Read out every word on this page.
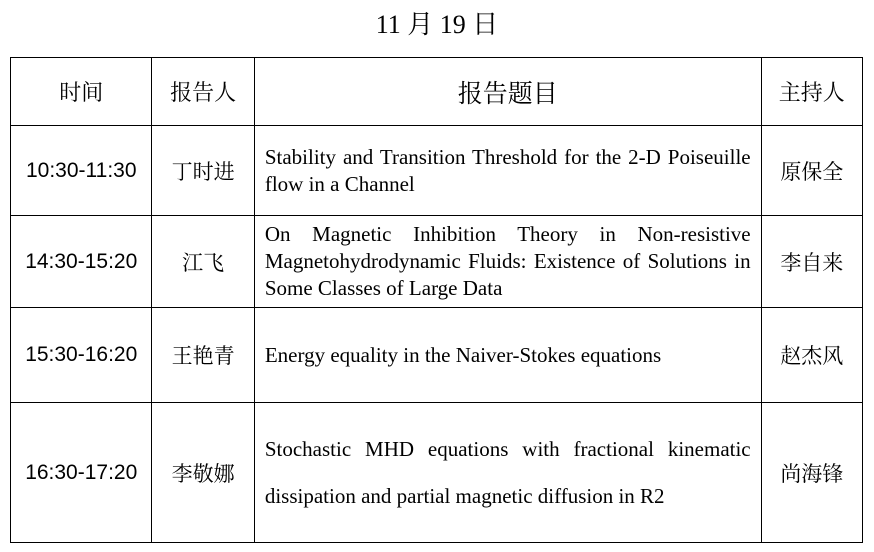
11 月 19 日
时间	报告人	报告题目	主持人
10:30-11:30	丁时进	Stability and Transition Threshold for the 2-D Poiseuille flow in a Channel	原保全
14:30-15:20	江飞	On Magnetic Inhibition Theory in Non-resistive Magnetohydrodynamic Fluids: Existence of Solutions in Some Classes of Large Data	李自来
15:30-16:20	王艳青	Energy equality in the Naiver-Stokes equations	赵杰风
16:30-17:20	李敬娜	Stochastic MHD equations with fractional kinematic dissipation and partial magnetic diffusion in R2	尚海锋
